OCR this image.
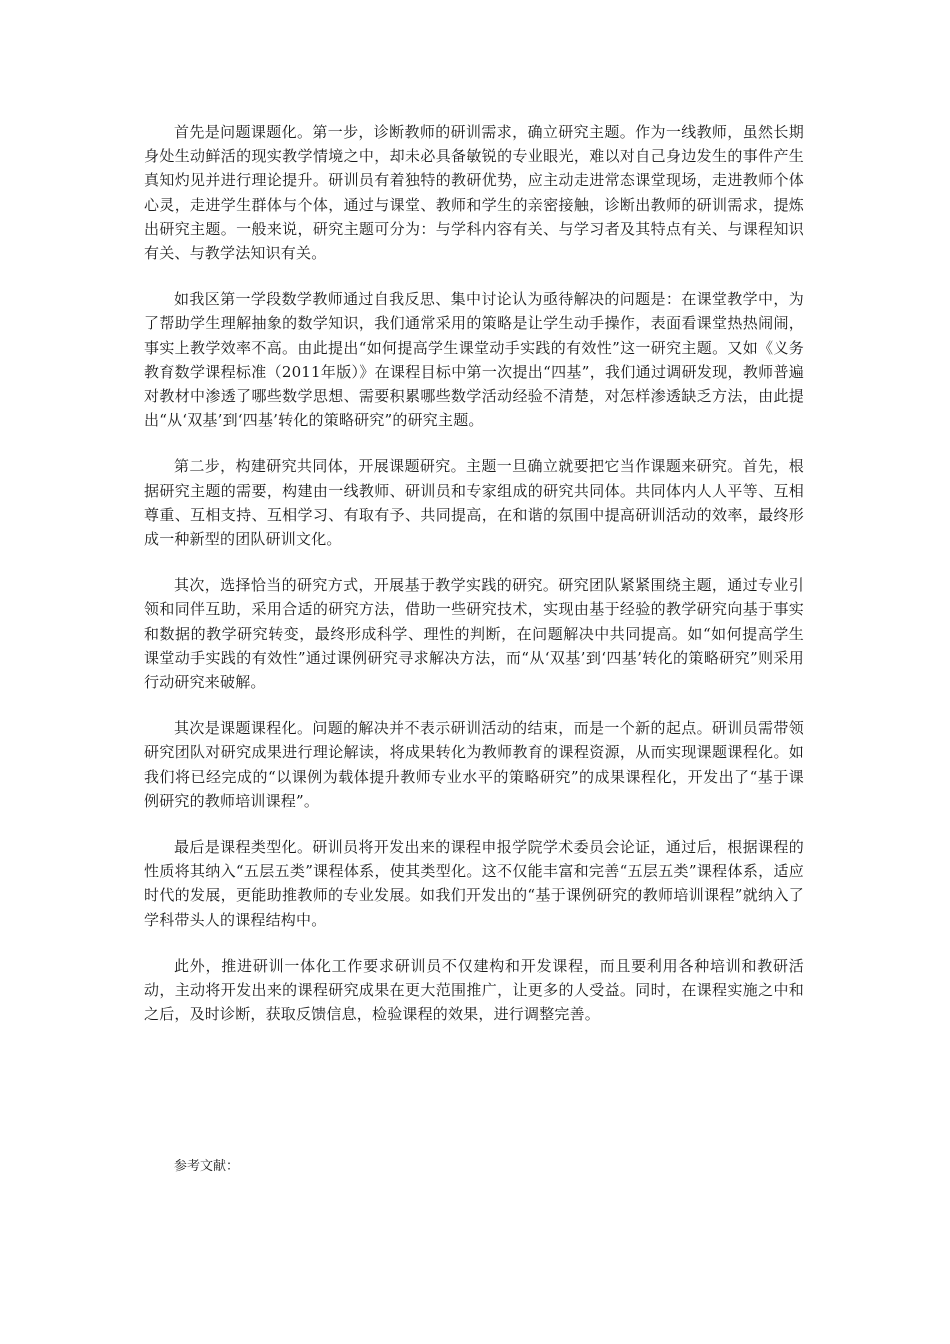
首先是问题课题化。第一步，诊断教师的研训需求，确立研究主题。作为一线教师，虽然长期身处生动鲜活的现实教学情境之中，却未必具备敏锐的专业眼光，难以对自己身边发生的事件产生真知灼见并进行理论提升。研训员有着独特的教研优势，应主动走进常态课堂现场，走进教师个体心灵，走进学生群体与个体，通过与课堂、教师和学生的亲密接触，诊断出教师的研训需求，提炼出研究主题。一般来说，研究主题可分为：与学科内容有关、与学习者及其特点有关、与课程知识有关、与教学法知识有关。

如我区第一学段数学教师通过自我反思、集中讨论认为亟待解决的问题是：在课堂教学中，为了帮助学生理解抽象的数学知识，我们通常采用的策略是让学生动手操作，表面看课堂热热闹闹，事实上教学效率不高。由此提出“如何提高学生课堂动手实践的有效性”这一研究主题。又如《义务教育数学课程标准（2011年版）》在课程目标中第一次提出“四基”，我们通过调研发现，教师普遍对教材中渗透了哪些数学思想、需要积累哪些数学活动经验不清楚，对怎样渗透缺乏方法，由此提出“从‘双基’到‘四基’转化的策略研究”的研究主题。

第二步，构建研究共同体，开展课题研究。主题一旦确立就要把它当作课题来研究。首先，根据研究主题的需要，构建由一线教师、研训员和专家组成的研究共同体。共同体内人人平等、互相尊重、互相支持、互相学习、有取有予、共同提高，在和谐的氛围中提高研训活动的效率，最终形成一种新型的团队研训文化。

其次，选择恰当的研究方式，开展基于教学实践的研究。研究团队紧紧围绕主题，通过专业引领和同伴互助，采用合适的研究方法，借助一些研究技术，实现由基于经验的教学研究向基于事实和数据的教学研究转变，最终形成科学、理性的判断，在问题解决中共同提高。如“如何提高学生课堂动手实践的有效性”通过课例研究寻求解决方法，而“从‘双基’到‘四基’转化的策略研究”则采用行动研究来破解。

其次是课题课程化。问题的解决并不表示研训活动的结束，而是一个新的起点。研训员需带领研究团队对研究成果进行理论解读，将成果转化为教师教育的课程资源，从而实现课题课程化。如我们将已经完成的“以课例为载体提升教师专业水平的策略研究”的成果课程化，开发出了“基于课例研究的教师培训课程”。

最后是课程类型化。研训员将开发出来的课程申报学院学术委员会论证，通过后，根据课程的性质将其纳入“五层五类”课程体系，使其类型化。这不仅能丰富和完善“五层五类”课程体系，适应时代的发展，更能助推教师的专业发展。如我们开发出的“基于课例研究的教师培训课程”就纳入了学科带头人的课程结构中。

此外，推进研训一体化工作要求研训员不仅建构和开发课程，而且要利用各种培训和教研活动，主动将开发出来的课程研究成果在更大范围推广，让更多的人受益。同时，在课程实施之中和之后，及时诊断，获取反馈信息，检验课程的效果，进行调整完善。

参考文献：
